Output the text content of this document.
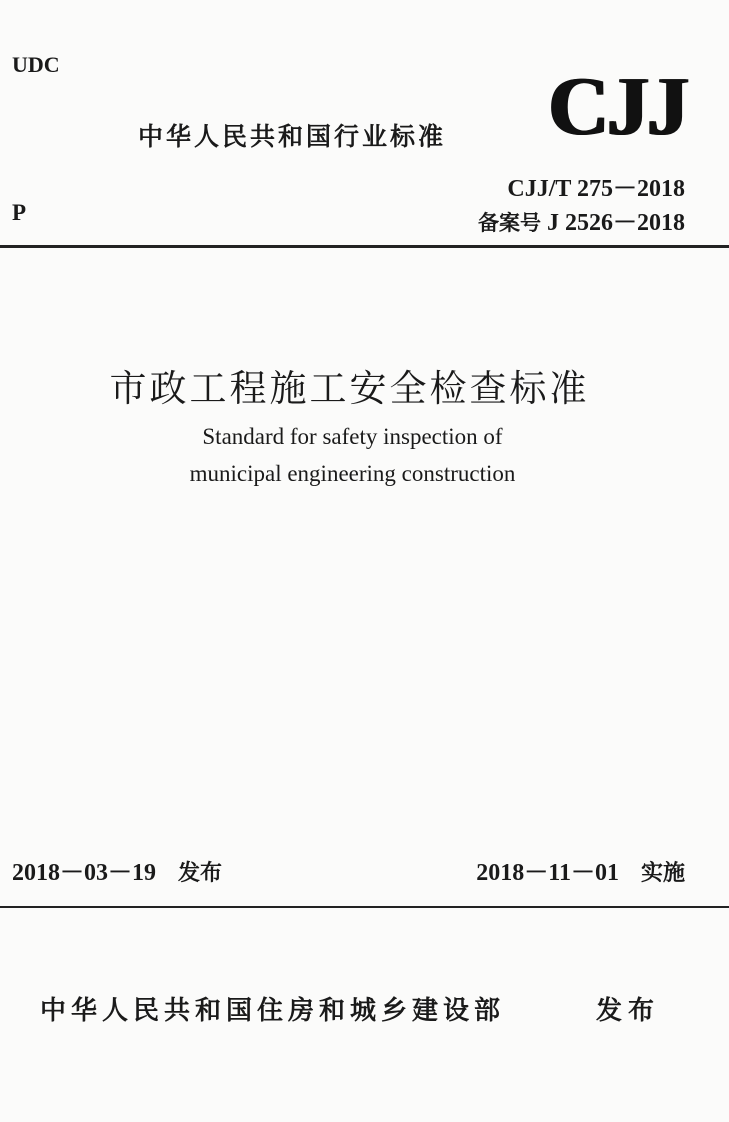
UDC
P
中华人民共和国行业标准 CJJ
CJJ/T 275－2018
备案号 J 2526－2018
市政工程施工安全检查标准
Standard for safety inspection of
municipal engineering construction
2018－03－19 发布	2018－11－01 实施
中华人民共和国住房和城乡建设部	发布
